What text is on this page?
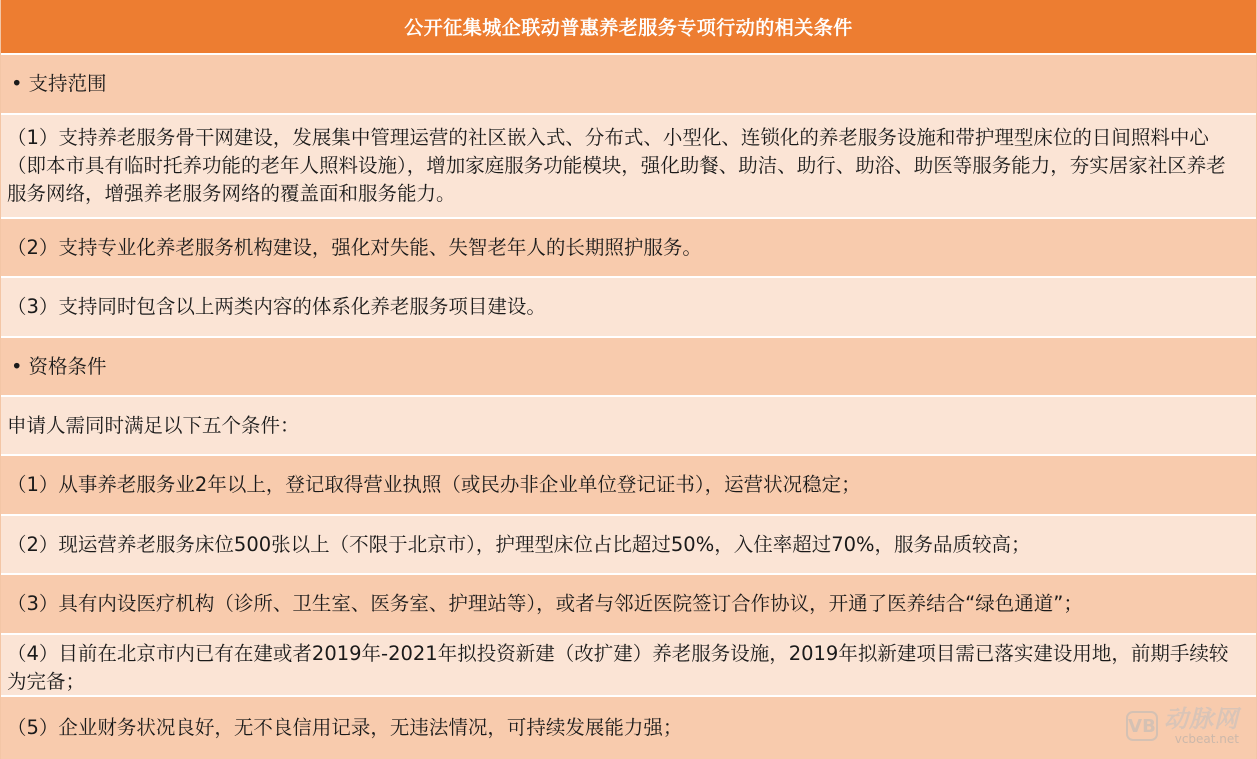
公开征集城企联动普惠养老服务专项行动的相关条件
• 支持范围
（1）支持养老服务骨干网建设，发展集中管理运营的社区嵌入式、分布式、小型化、连锁化的养老服务设施和带护理型床位的日间照料中心（即本市具有临时托养功能的老年人照料设施），增加家庭服务功能模块，强化助餐、助洁、助行、助浴、助医等服务能力，夯实居家社区养老服务网络，增强养老服务网络的覆盖面和服务能力。
（2）支持专业化养老服务机构建设，强化对失能、失智老年人的长期照护服务。
（3）支持同时包含以上两类内容的体系化养老服务项目建设。
• 资格条件
申请人需同时满足以下五个条件：
（1）从事养老服务业2年以上，登记取得营业执照（或民办非企业单位登记证书），运营状况稳定；
（2）现运营养老服务床位500张以上（不限于北京市），护理型床位占比超过50%，入住率超过70%，服务品质较高；
（3）具有内设医疗机构（诊所、卫生室、医务室、护理站等），或者与邻近医院签订合作协议，开通了医养结合“绿色通道”；
（4）目前在北京市内已有在建或者2019年-2021年拟投资新建（改扩建）养老服务设施，2019年拟新建项目需已落实建设用地，前期手续较为完备；
（5）企业财务状况良好，无不良信用记录，无违法情况，可持续发展能力强；	VB 动脉网
vcbeat.net
